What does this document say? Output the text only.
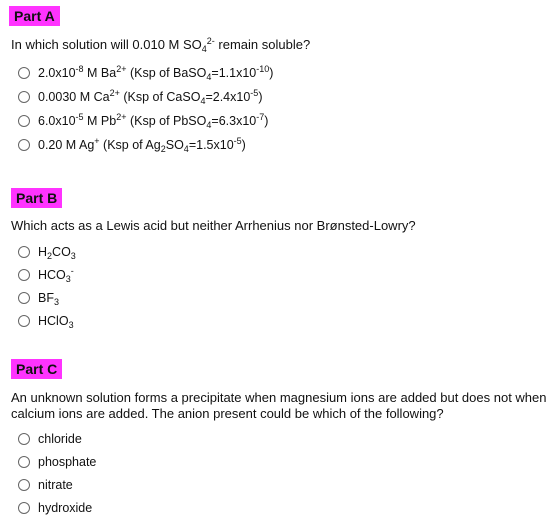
Part A
In which solution will 0.010 M $SO_4^{2-}$ remain soluble?
$2.0x10^{-8}$ M $Ba^{2+}$ (Ksp of $BaSO_4=1.1x10^{-10}$)
0.0030 M $Ca^{2+}$ (Ksp of $CaSO_4=2.4x10^{-5}$)
$6.0x10^{-5}$ M $Pb^{2+}$ (Ksp of $PbSO_4=6.3x10^{-7}$)
0.20 M Ag+ (Ksp of $Ag_2SO_4=1.5x10^{-5}$)
Part B
Which acts as a Lewis acid but neither Arrhenius nor Brønsted-Lowry?
$H_2CO_3$
$HCO_3^-$
$BF_3$
HClO$_3$
Part C
An unknown solution forms a precipitate when magnesium ions are added but does not when calcium ions are added. The anion present could be which of the following?
chloride
phosphate
nitrate
hydroxide
